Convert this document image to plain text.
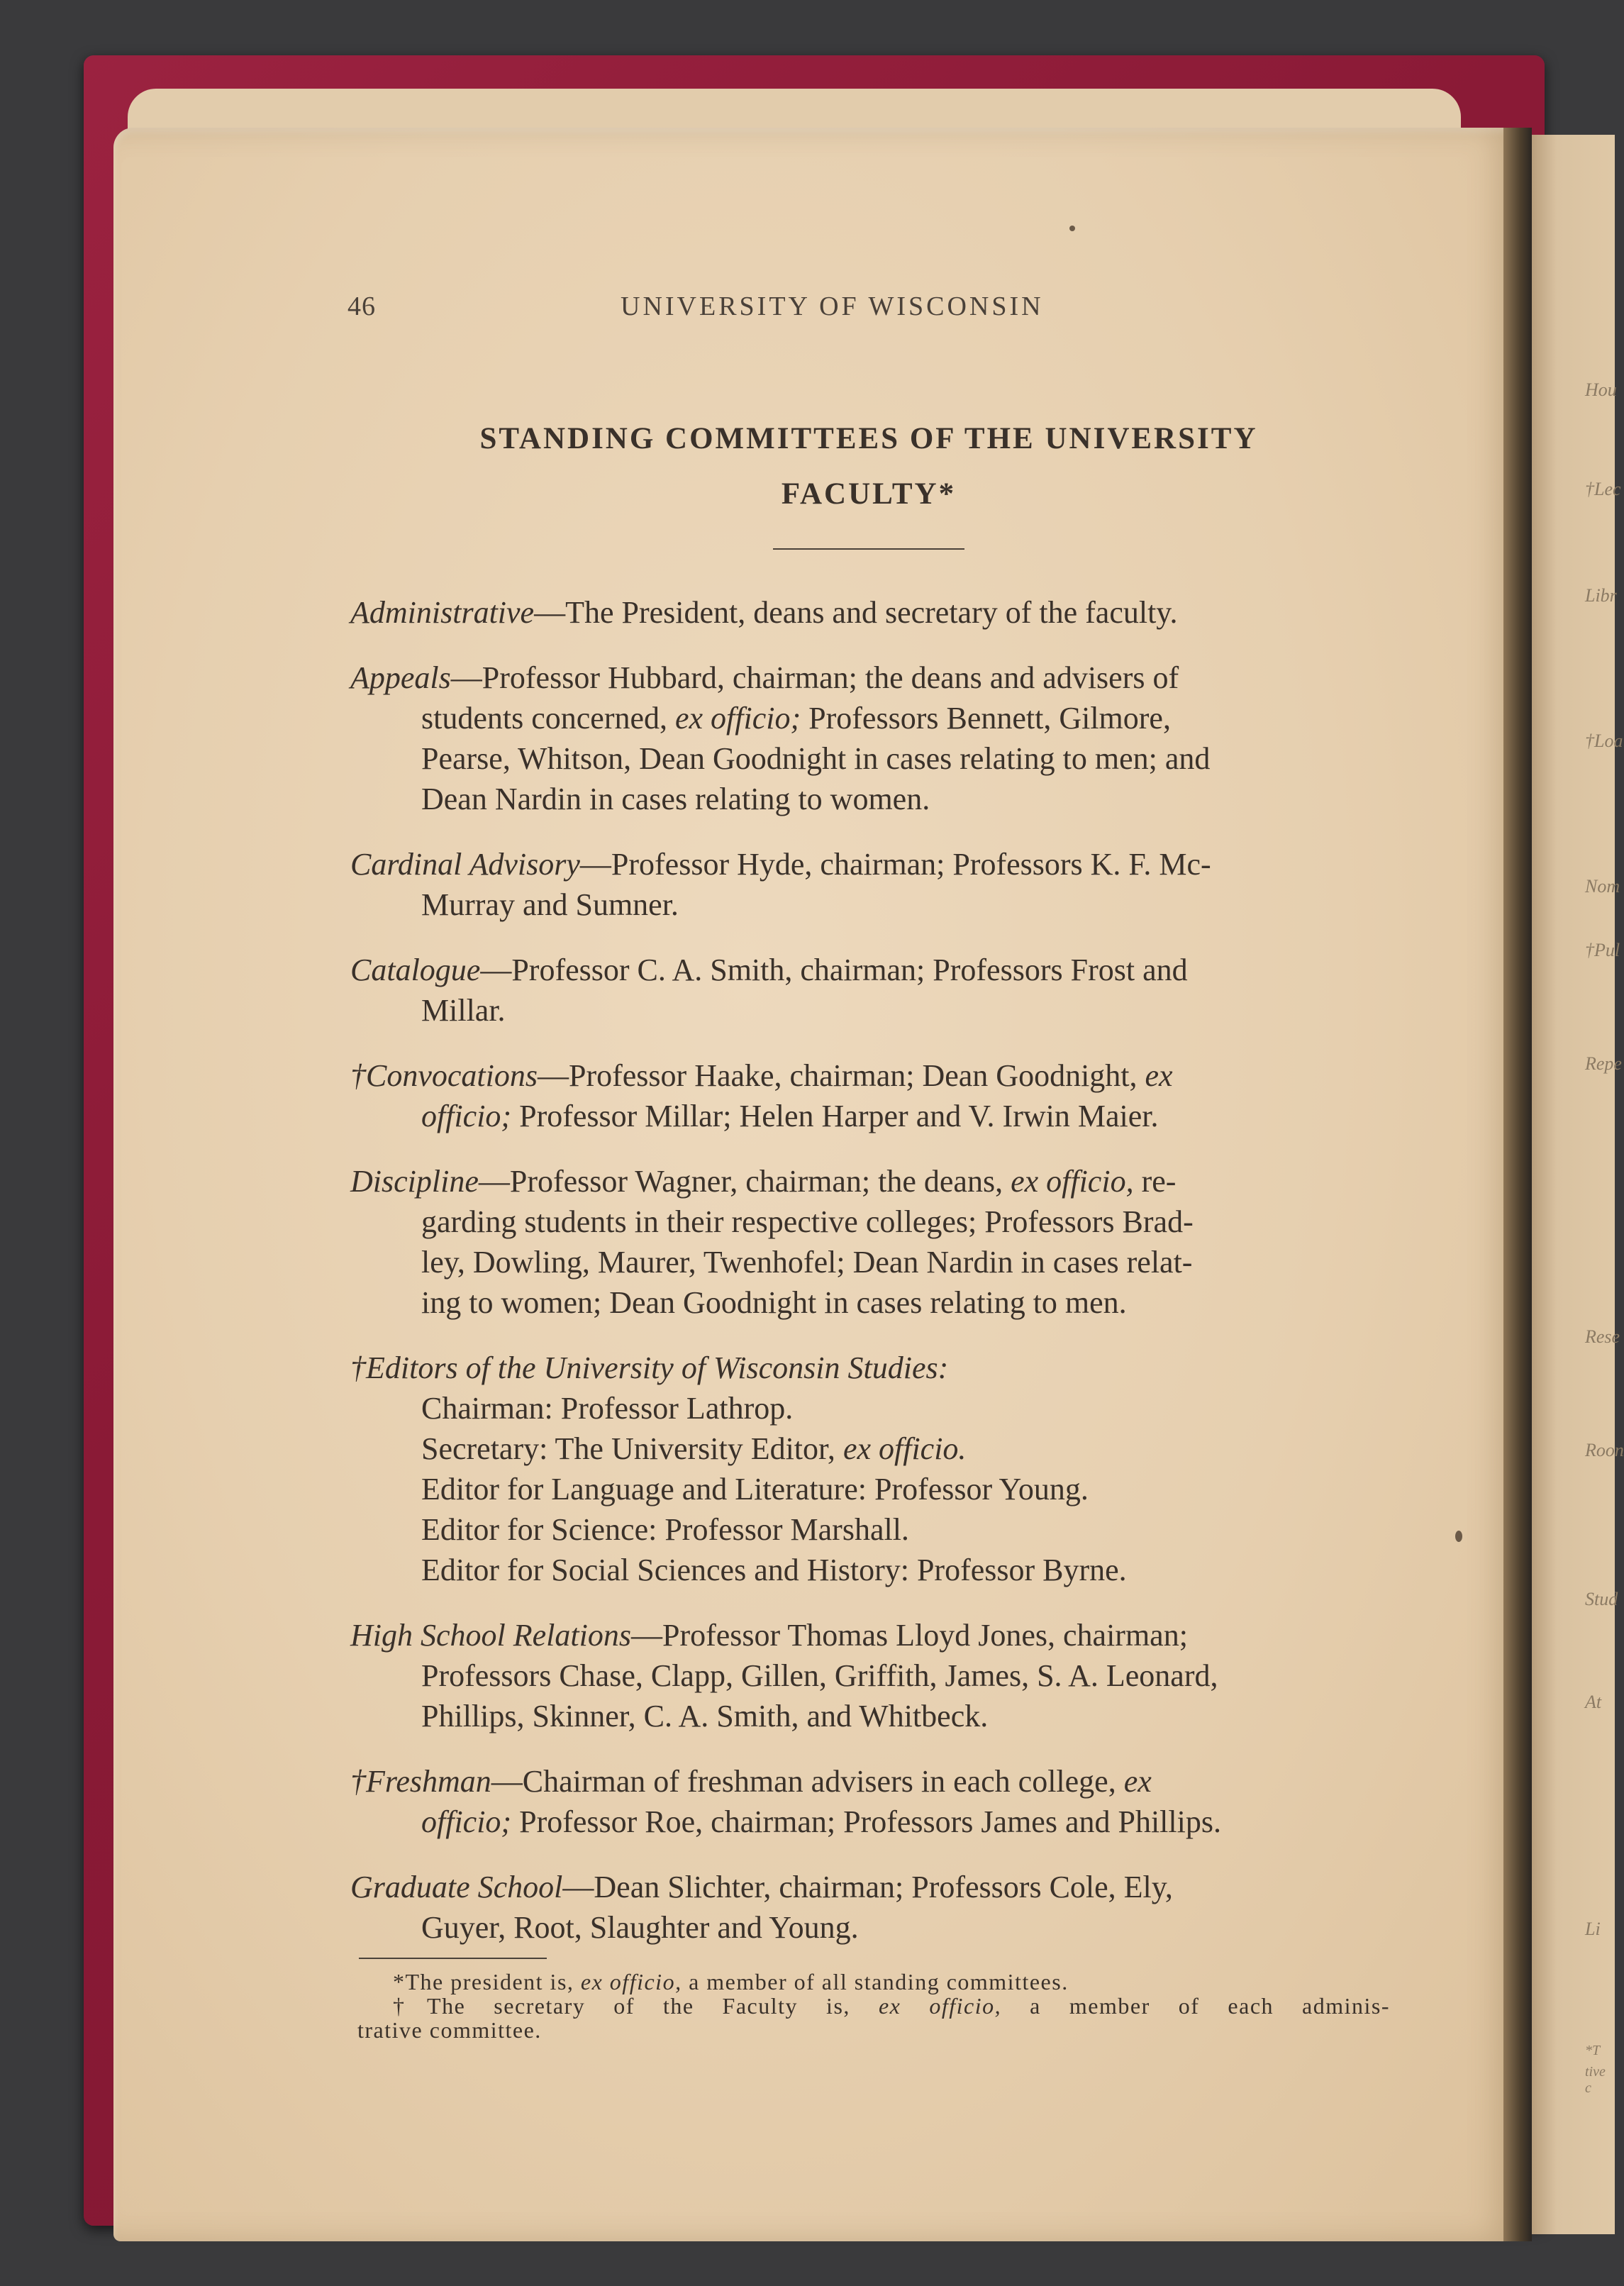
Hou
†Lec
Libr
†Loa
Nom
†Pul
Repe
Rese
Roon
Stud
At
Li
*T
tive c
46	UNIVERSITY OF WISCONSIN
STANDING COMMITTEES OF THE UNIVERSITY
FACULTY*
Administrative—The President, deans and secretary of the faculty.
Appeals—Professor Hubbard, chairman; the deans and advisers of
students concerned, ex officio; Professors Bennett, Gilmore,
Pearse, Whitson, Dean Goodnight in cases relating to men; and
Dean Nardin in cases relating to women.
Cardinal Advisory—Professor Hyde, chairman; Professors K. F. Mc-
Murray and Sumner.
Catalogue—Professor C. A. Smith, chairman; Professors Frost and
Millar.
†Convocations—Professor Haake, chairman; Dean Goodnight, ex
officio; Professor Millar; Helen Harper and V. Irwin Maier.
Discipline—Professor Wagner, chairman; the deans, ex officio, re-
garding students in their respective colleges; Professors Brad-
ley, Dowling, Maurer, Twenhofel; Dean Nardin in cases relat-
ing to women; Dean Goodnight in cases relating to men.
†Editors of the University of Wisconsin Studies:
Chairman: Professor Lathrop.
Secretary: The University Editor, ex officio.
Editor for Language and Literature: Professor Young.
Editor for Science: Professor Marshall.
Editor for Social Sciences and History: Professor Byrne.
High School Relations—Professor Thomas Lloyd Jones, chairman;
Professors Chase, Clapp, Gillen, Griffith, James, S. A. Leonard,
Phillips, Skinner, C. A. Smith, and Whitbeck.
†Freshman—Chairman of freshman advisers in each college, ex
officio; Professor Roe, chairman; Professors James and Phillips.
Graduate School—Dean Slichter, chairman; Professors Cole, Ely,
Guyer, Root, Slaughter and Young.
*The president is, ex officio, a member of all standing committees.
†The secretary of the Faculty is, ex officio, a member of each adminis-
trative committee.
